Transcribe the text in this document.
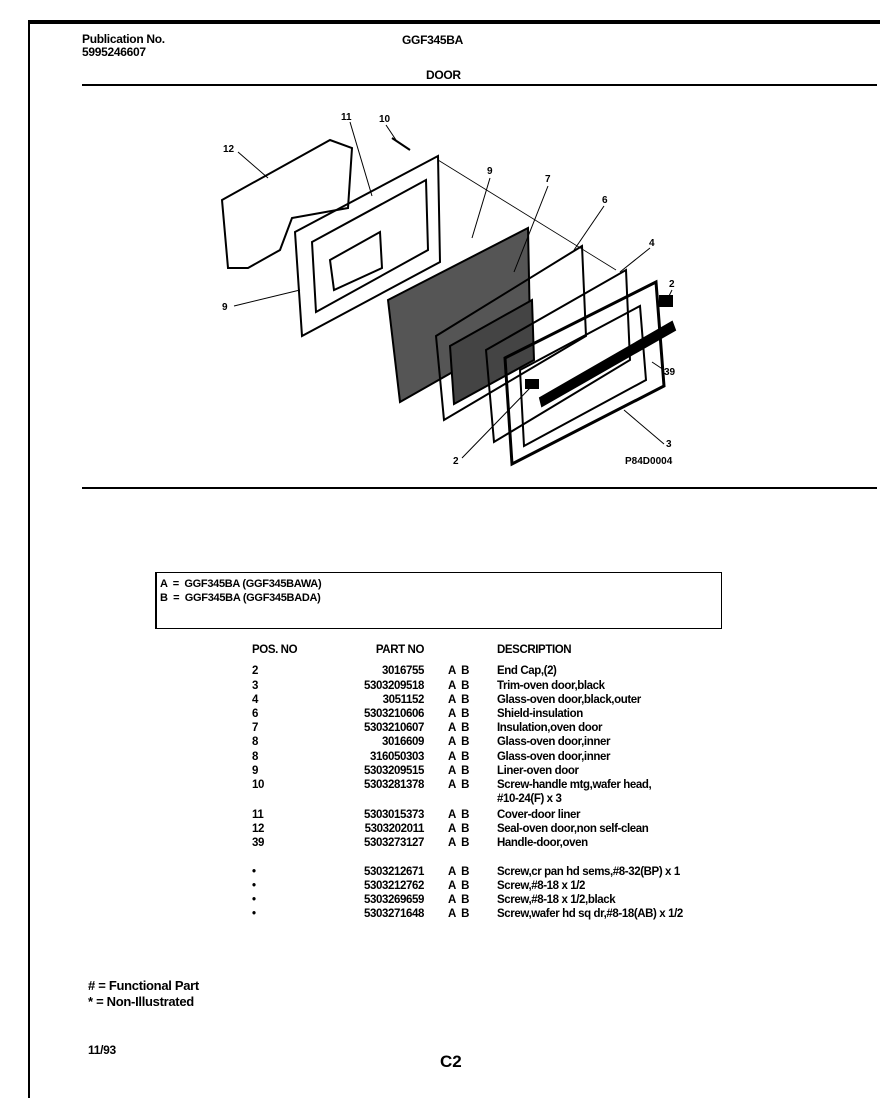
Publication No.
5995246607
GGF345BA
DOOR
12
11	10
9
7
6
4
2
39
3
2
9
P84D0004
A  =  GGF345BA (GGF345BAWA)
B  =  GGF345BA (GGF345BADA)
POS. NO	PART NO	DESCRIPTION
2	3016755 A  B End Cap,(2)
3	5303209518 A  B Trim-oven door,black
4	3051152 A  B Glass-oven door,black,outer
6	5303210606 A  B Shield-insulation
7	5303210607 A  B Insulation,oven door
8	3016609 A  B Glass-oven door,inner
8	316050303 A  B Glass-oven door,inner
9	5303209515 A  B Liner-oven door
10	5303281378 A  B Screw-handle mtg,wafer head,
#10-24(F) x 3
11	5303015373 A  B Cover-door liner
12	5303202011 A  B Seal-oven door,non self-clean
39	5303273127 A  B Handle-door,oven
•	5303212671 A  B Screw,cr pan hd sems,#8-32(BP) x 1
•	5303212762 A  B Screw,#8-18 x 1/2
•	5303269659 A  B Screw,#8-18 x 1/2,black
•	5303271648 A  B Screw,wafer hd sq dr,#8-18(AB) x 1/2
# = Functional Part
* = Non-Illustrated
11/93
C2
